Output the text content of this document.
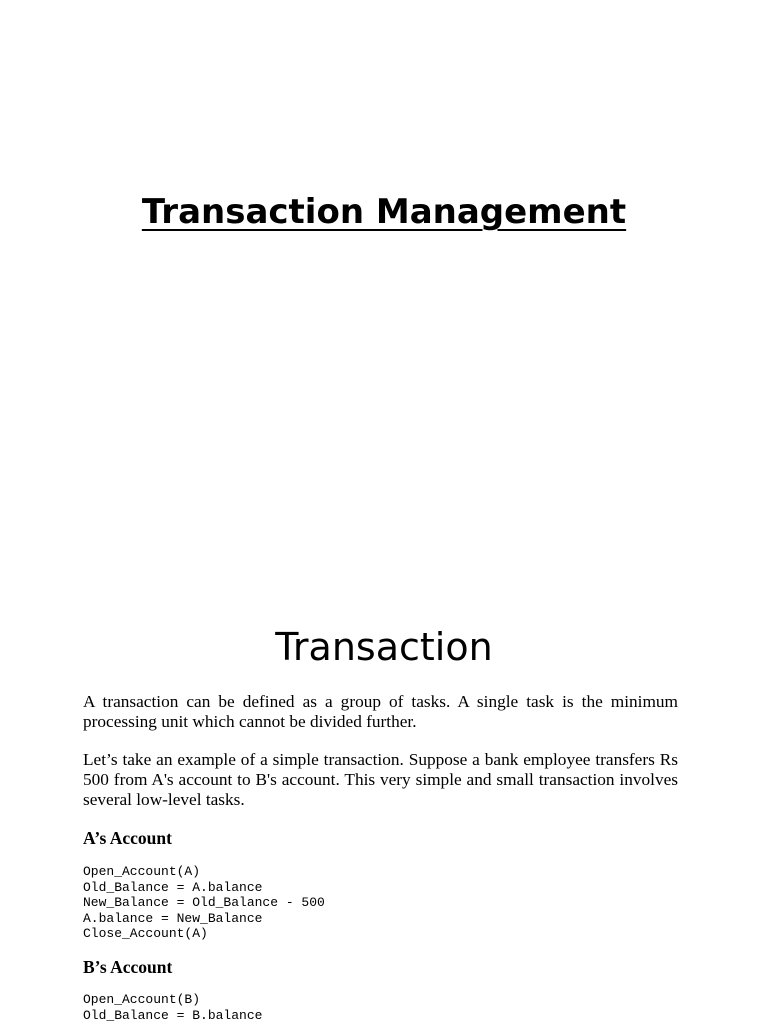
Transaction Management
Transaction

A transaction can be defined as a group of tasks. A single task is the minimum processing unit which cannot be divided further.

Let’s take an example of a simple transaction. Suppose a bank employee transfers Rs 500 from A's account to B's account. This very simple and small transaction involves several low-level tasks.

A’s Account
Open_Account(A)
Old_Balance = A.balance
New_Balance = Old_Balance - 500
A.balance = New_Balance
Close_Account(A)
B’s Account
Open_Account(B)
Old_Balance = B.balance
